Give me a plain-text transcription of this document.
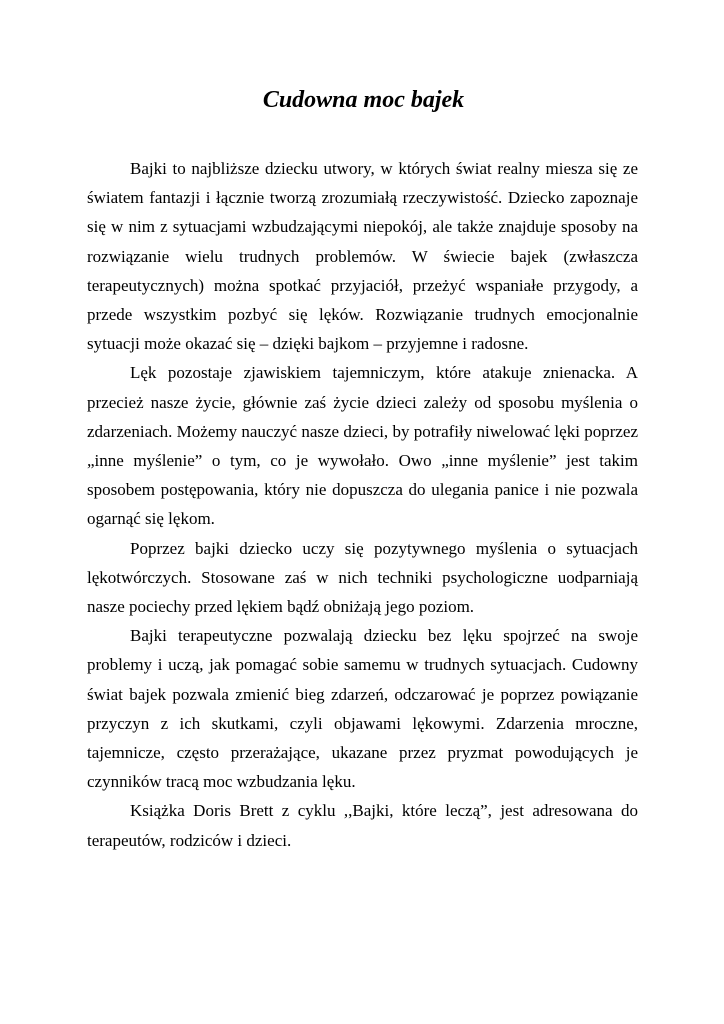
Cudowna moc bajek

Bajki to najbliższe dziecku utwory, w których świat realny miesza się ze światem fantazji i łącznie tworzą zrozumiałą rzeczywistość. Dziecko zapoznaje się w nim z sytuacjami wzbudzającymi niepokój, ale także znajduje sposoby na rozwiązanie wielu trudnych problemów. W świecie bajek (zwłaszcza terapeutycznych) można spotkać przyjaciół, przeżyć wspaniałe przygody, a przede wszystkim pozbyć się lęków. Rozwiązanie trudnych emocjonalnie sytuacji może okazać się – dzięki bajkom – przyjemne i radosne.

Lęk pozostaje zjawiskiem tajemniczym, które atakuje znienacka. A przecież nasze życie, głównie zaś życie dzieci zależy od sposobu myślenia o zdarzeniach. Możemy nauczyć nasze dzieci, by potrafiły niwelować lęki poprzez „inne myślenie” o tym, co je wywołało. Owo „inne myślenie” jest takim sposobem postępowania, który nie dopuszcza do ulegania panice i nie pozwala ogarnąć się lękom.

Poprzez bajki dziecko uczy się pozytywnego myślenia o sytuacjach lękotwórczych. Stosowane zaś w nich techniki psychologiczne uodparniają nasze pociechy przed lękiem bądź obniżają jego poziom.

Bajki terapeutyczne pozwalają dziecku bez lęku spojrzeć na swoje problemy i uczą, jak pomagać sobie samemu w trudnych sytuacjach. Cudowny świat bajek pozwala zmienić bieg zdarzeń, odczarować je poprzez powiązanie przyczyn z ich skutkami, czyli objawami lękowymi. Zdarzenia mroczne, tajemnicze, często przerażające, ukazane przez pryzmat powodujących je czynników tracą moc wzbudzania lęku.

Książka Doris Brett z cyklu ,,Bajki, które leczą”, jest adresowana do terapeutów, rodziców i dzieci.
